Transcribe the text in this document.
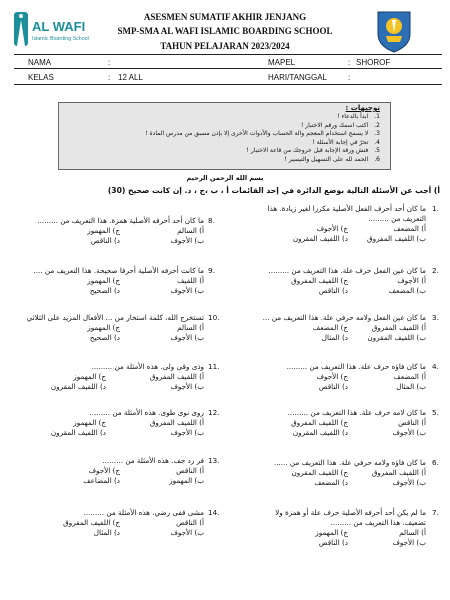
AL WAFI
Islamic Boarding School
ASESMEN SUMATIF AKHIR JENJANG
SMP-SMA AL WAFI ISLAMIC BOARDING SCHOOL
TAHUN PELAJARAN 2023/2024
NAMA	:	MAPEL	: SHOROF
KELAS	: 12 ALL	HARI/TANGGAL	:
توجيهات :
1. ابدأ بالدعاء !
2. اكتب اسمك ورقم الاختبار !
3. لا يسمح استخدام المعجم والة الحساب والأدوات الأخرى إلا بإذن مسبق من مدرس المادة !
4. تحرّ في إجابة الأسئلة !
5. فتش ورقة الإجابة قبل خروجك من قاعة الاختبار !
6. الحمد لله على التسهيل والتيسير !
بسم الله الرحمن الرحيم
أ) أجب عن الأسئلة التالية بوضع الدائرة في إحد القائمات أ ، ب ،ج ، د. إن كانت صحيح (30)
1.
ما كان أحد أحرف الفعل الأصلية مكررا لغير زيادة. هذا
التعريف من .........
أ) المضعف
ج) الأجوف
ب) اللفيف المفروق
د) اللفيف المقرون
2.
ما كان عين الفعل حرف علة. هذا التعريف من .........
أ) الأجوف
ج) اللفيف المفروق
ب) المضعف
د) الناقص
3.
ما كان عين الفعل ولامه حرفي علة. هذا التعريف من ...
أ) اللفيف المفروق
ج) المضعف
ب) اللفيف المقرون
د) المثال
4.
ما كان فاؤه حرف علة. هذا التعريف من .........
أ) المضعف
ج) الأجوف
ب) المثال
د) الناقص
5.
ما كان لامه حرف علة. هذا التعريف من .........
أ) الناقص
ج) اللفيف المفروق
ب) الأجوف
د) اللفيف المقرون
6.
ما كان فاؤه ولامه حرفي علة. هذا التعريف من ......
أ) اللفيف المفروق
ج) اللفيف المقرون
ب) الأجوف
د) المضعف
7.
ما لم يكن أحد أحرفه الأصلية حرف علة أو همزة ولا
تضعيف. هذا التعريف من .........
أ) السالم
ج) المهموز
ب) الأجوف
د) الناقص
8.
ما كان أحد أحرفه الأصلية همزة. هذا التعريف من .........
أ) السالم
ج) المهموز
ب) الأجوف
د) الناقص
9.
ما كانت أحرفه الأصلية أحرفا صحيحة. هذا التعريف من ....
أ) اللفيف
ج) المهموز
ب) الأجوف
د) الصحيح
10.
تستخرج الله، كلمة استخار من ... الأفعال المزيد على الثلاثي
أ) السالم
ج) المهموز
ب) الأجوف
د) الصحيح
11.
وذى وقى ولى. هذه الأمثلة من .........
أ) اللفيف المفروق
ج) المهموز
ب) الأجوف
د) اللفيف المقرون
12.
روى نوى طوى. هذه الأمثلة من .........
أ) اللفيف المفروق
ج) المهموز
ب) الأجوف
د) اللفيف المقرون
13.
فر رد جف. هذه الأمثلة من .........
أ) الناقص
ج) الأجوف
ب) المهموز
د) المضاعف
14.
مشى قفى رضي. هذه الأمثلة من .........
أ) الناقص
ج) اللفيف المفروق
ب) الأجوف
د) المثال
